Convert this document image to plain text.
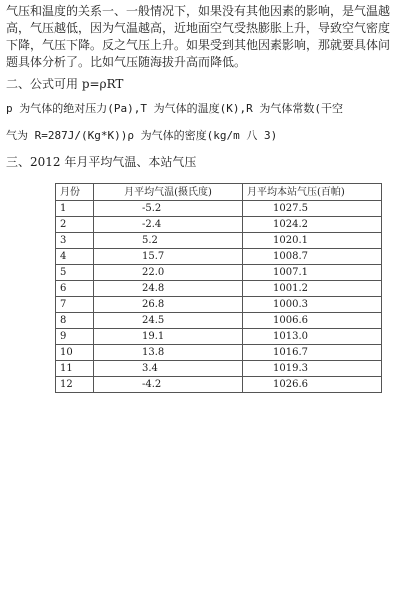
气压和温度的关系一、一般情况下，如果没有其他因素的影响，是气温越高，气压越低，因为气温越高，近地面空气受热膨胀上升，导致空气密度下降，气压下降。反之气压上升。如果受到其他因素影响，那就要具体问题具体分析了。比如气压随海拔升高而降低。
二、公式可用 p=ρRT
p 为气体的绝对压力(Pa),T 为气体的温度(K),R 为气体常数(干空
气为 R=287J/(Kg*K))ρ 为气体的密度(kg/m 八 3)
三、2012 年月平均气温、本站气压
月份	月平均气温(摄氏度)	月平均本站气压(百帕)
1	-5.2	1027.5
2	-2.4	1024.2
3	5.2	1020.1
4	15.7	1008.7
5	22.0	1007.1
6	24.8	1001.2
7	26.8	1000.3
8	24.5	1006.6
9	19.1	1013.0
10	13.8	1016.7
11	3.4	1019.3
12	-4.2	1026.6
